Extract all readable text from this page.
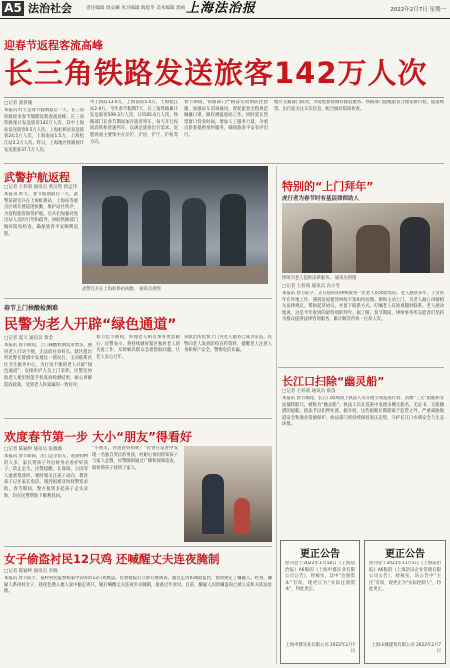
A5 法治社会	责任编辑 周安澜 见习编辑 陶思冬 美术编辑 郭祯 上海法治报	2022年2月7日 星期一
迎春节返程客流高峰
长三角铁路发送旅客142万人次
□记者 翟梦溪
本报讯 昨天是春节假期最后一天，长三角铁路迎来春节假期返程客流高峰，长三角铁路预计发送旅客142万人次，其中上海站发送旅客9.5万人次，上海虹桥站发送旅客24.5万人次，上海南站1.5万，上海松江站2.2万人次。昨日，上海地区铁路预计发送旅客37.7万人次。
中上海站13.0万，上海南站5.0万，上海松江站2.9万。今年春节假期7天，长三角铁路累计发送旅客599.3万人次，日均85.6万人次。铁路部门在春节期间加开旅客列车，每天开行夜间高铁和普速列车，以满足旅客出行需求。返程客流主要集中在京沪、沪昆、沪宁、沪杭等方向。
春节期间，铁路部门严格落实疫情防控措施，加强站车消毒通风，督促旅客全程规范佩戴口罩，做好测温验码工作。同时延长售票窗口营业时间，增加人工服务力量，为重点旅客提供预约服务，确保旅客平安有序出行。
地方交通部门联动，为返程旅客做好接驳服务。铁路部门提醒旅客合理安排行程，提前购票，出行前关注车次信息，配合做好防疫检查。
武警护航返程
□记者 王梓萌 通讯员 黄汉然 郭孟伟
本报讯 昨天，春节假期最后一天，武警某部官兵在上海虹桥站、上海站等重点区域开展巡逻执勤，维护站区秩序，为返程旅客保驾护航。官兵们加强对进出站人员的引导和疏导，协助铁路部门做好防疫检查，确保旅客平安顺利返程。
武警官兵在上海虹桥站执勤。 通讯员供图
特别的“上门拜年”
虎行者为春节时有基层律师助人
律师为老人提供法律服务。 通讯员供图
□记者 王梓萌 通讯员 冯小冬
本报讯 春节前夕，正在值班的律师接到一位老人的求助电话。老人独居多年，子女常年在外地工作，遇到房屋租赁纠纷不知如何处理。律师主动上门，为老人耐心讲解相关法律规定，帮助起草协议，并留下联系方式，叮嘱老人有困难随时联系。老人感动地说，这是今年收到的最特别的拜年。据了解，春节期间，律师事务所志愿者们坚持为群众提供法律咨询服务，累计解答咨询一百余人次。
春节上门核酸检测难
民警为老人开辟“绿色通道”
□记者 夏天 通讯员 黄金
本报讯 春节期间，上门核酸检测需求增多，独居老人行动不便，无法前往采样点。辖区派出所民警在排摸中发现这一情况后，主动联系社区卫生服务中心，为行动不便的老人开辟“绿色通道”，安排医护人员上门采样。民警还协助老人使用智能手机查询检测结果，耐心讲解防疫政策，受到老人和家属的一致好评。
春节佳节期间，办理老人相关事务更需耐心。民警表示，将持续做好辖区独居老人的关爱工作，及时解决群众急难愁盼问题，让老人安心过年。
该派出所民警上门为老人服务已成为常态。民警向老人发放防疫宣传资料，提醒老人注意人身和财产安全，警惕电信诈骗。
长江口扫除“幽灵船”
□记者 王梓萌 通讯员 蔡苗
本报讯 春节期间，长江口海域海上执法人员开展专项巡查行动，清理“三无”船舶和非法捕捞船只，被称为“幽灵船”。执法人员在巡查中发现多艘无船名、无证书、无船籍港的船舶，依法予以扣押处置。据介绍，这些船舶长期游离于监管之外，严重威胁航道安全和渔业资源保护，执法部门将持续保持高压态势，守护长江口水域安全与生态环境。
欢度春节第一步 大小“朋友”得看好
□记者 陈颖婷 通讯员 张薇薇
本报讯 春节期间，出门走亲访友、逛街购物的人多，家长带孩子外出时务必看护好孩子，防止走失。民警提醒，在商场、公园等人流密集场所，要时刻关注孩子动向，教育孩子记住家长电话，遇到困难及时找警察求助。春节期间，警方接到多起孩子走失求助，均在民警帮助下顺利找回。
“小朋友，你爸爸妈妈呢？”民警在巡逻中发现一名独自哭泣的男孩，经耐心询问得知孩子与家人走散，民警随即通过广播和视频巡查，很快帮孩子找到了家人。
女子偷盗衬民12只鸡 还喊醒丈夫连夜腌制
□记者 陈颖婷 通讯员 李晓
本报讯 春节前夕，某村村民报警称家中饲养的12只鸡被盗。民警接报后立即开展调查，通过走访和调取监控，很快锁定了嫌疑人。经查，嫌疑人系同村女子，趁夜色潜入他人家中偷走鸡只，随后喊醒丈夫连夜宰杀腌制，准备过年食用。目前，嫌疑人因涉嫌盗窃已被公安机关依法处理。
更正公告
原刊登于2022年1月18日《上海法治报》A6版的《上海申郡实业有限公司公告》，经核实，其中“注册资本”有误，现更正为“实际注册资本”，特此更正。
上海申郡实业有限公司 2022年2月7日
更正公告
原刊登于2021年11月5日《上海法治报》A6版的《上海浩田企业管理有限公司公告》，经核实，该公告中“主任”有误，现更正为“实际控制人”，特此更正。
上海宋城建筑有限公司 2022年2月7日
